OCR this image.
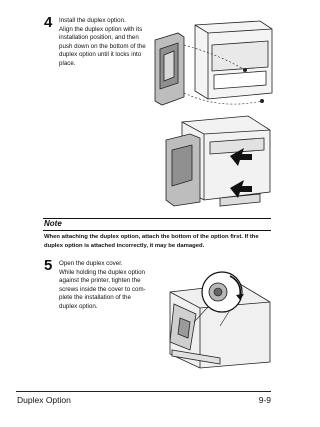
4 Install the duplex option.
Align the duplex option with its
installation position, and then
push down on the bottom of the
duplex option until it locks into
place.
Note
When attaching the duplex option, attach the bottom of the option first. If the duplex option is attached incorrectly, it may be damaged.
5 Open the duplex cover.
While holding the duplex option
against the printer, tighten the
screws inside the cover to com-
plete the installation of the
duplex option.
Duplex Option	9-9
